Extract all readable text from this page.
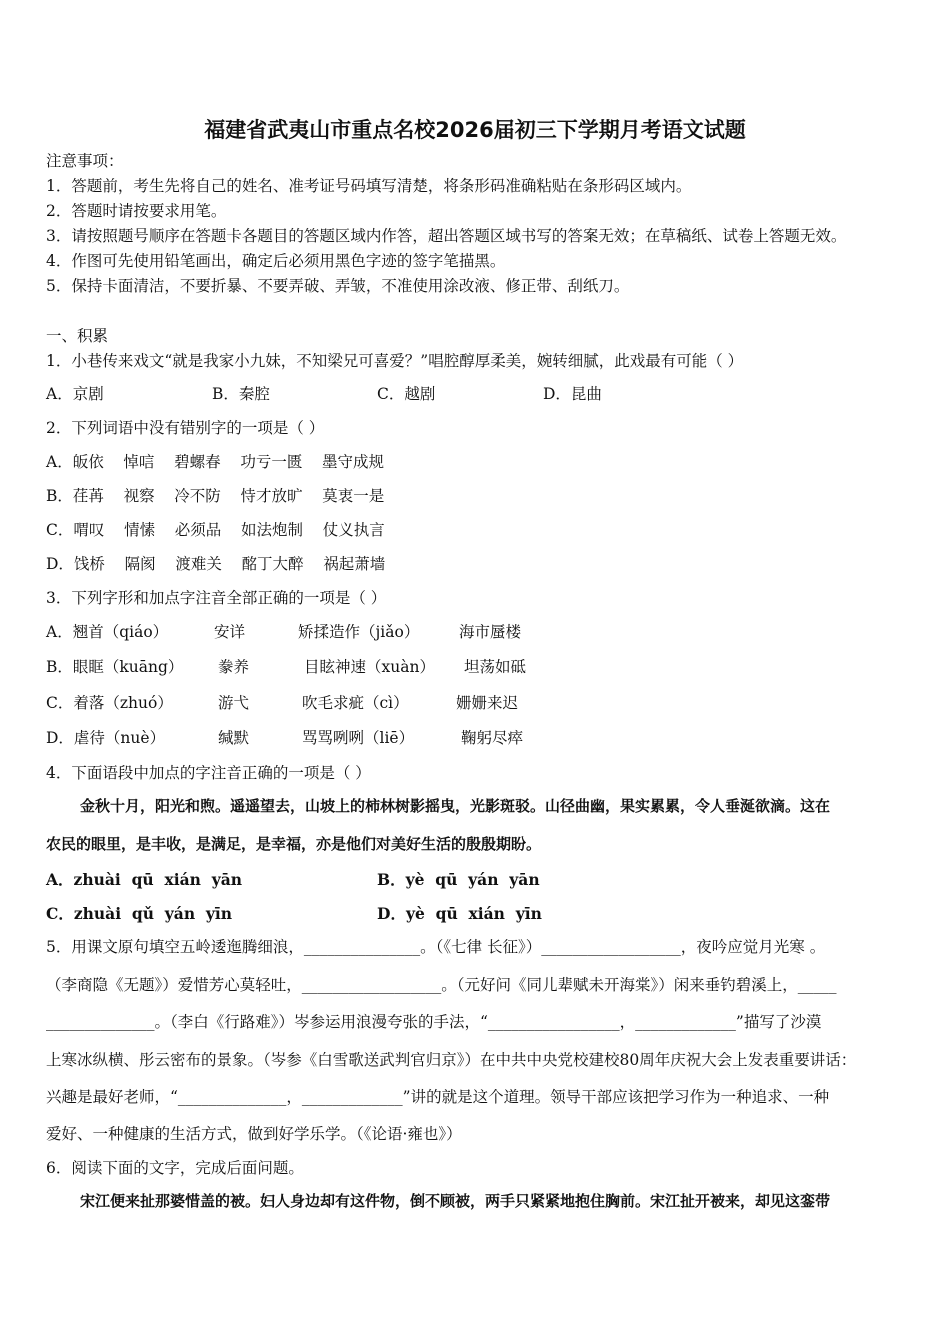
福建省武夷山市重点名校2026届初三下学期月考语文试题
注意事项：
1．答题前，考生先将自己的姓名、准考证号码填写清楚，将条形码准确粘贴在条形码区域内。
2．答题时请按要求用笔。
3．请按照题号顺序在答题卡各题目的答题区域内作答，超出答题区域书写的答案无效；在草稿纸、试卷上答题无效。
4．作图可先使用铅笔画出，确定后必须用黑色字迹的签字笔描黑。
5．保持卡面清洁，不要折暴、不要弄破、弄皱，不准使用涂改液、修正带、刮纸刀。
一、积累
1．小巷传来戏文“就是我家小九妹，不知梁兄可喜爱？”唱腔醇厚柔美，婉转细腻，此戏最有可能（ ）
A．京剧	B．秦腔	C．越剧	D．昆曲
2．下列词语中没有错别字的一项是（ ）
A．皈依    悼唁    碧螺春    功亏一匮    墨守成规
B．荏苒    视察    冷不防    恃才放旷    莫衷一是
C．喟叹    情愫    必须品    如法炮制    仗义执言
D．饯桥    隔阂    渡难关    酩丁大醉    祸起萧墙
3．下列字形和加点字注音全部正确的一项是（ ）
A．翘首（qiáo）	安详	矫揉造作（jiǎo）	海市蜃楼
B．眼眶（kuāng） 豢养	目眩神速（xuàn） 坦荡如砥
C．着落（zhuó）	游弋	吹毛求疵（cì）	姗姗来迟
D．虐待（nuè）	缄默	骂骂咧咧（liē）	鞠躬尽瘁
4．下面语段中加点的字注音正确的一项是（ ）
金秋十月，阳光和煦。遥遥望去，山坡上的柿林树影摇曳，光影斑驳。山径曲幽，果实累累，令人垂涎欲滴。这在
农民的眼里，是丰收，是满足，是幸福，亦是他们对美好生活的殷殷期盼。
A．zhuài  qū  xián  yān	B．yè  qū  yán  yān
C．zhuài  qǔ  yán  yīn	D．yè  qū  xián  yīn
5．用课文原句填空五岭逶迤腾细浪，_______________。（《七律 长征》）__________________，夜吟应觉月光寒 。
（李商隐《无题》）爱惜芳心莫轻吐，__________________。（元好问《同儿辈赋未开海棠》）闲来垂钓碧溪上，_____
______________。（李白《行路难》）岑参运用浪漫夸张的手法，“_________________，_____________”描写了沙漠
上寒冰纵横、彤云密布的景象。（岑参《白雪歌送武判官归京》）在中共中央党校建校80周年庆祝大会上发表重要讲话：
兴趣是最好老师，“______________，_____________”讲的就是这个道理。领导干部应该把学习作为一种追求、一种
爱好、一种健康的生活方式，做到好学乐学。（《论语·雍也》）
6．阅读下面的文字，完成后面问题。
宋江便来扯那婆惜盖的被。妇人身边却有这件物，倒不顾被，两手只紧紧地抱住胸前。宋江扯开被来，却见这銮带
